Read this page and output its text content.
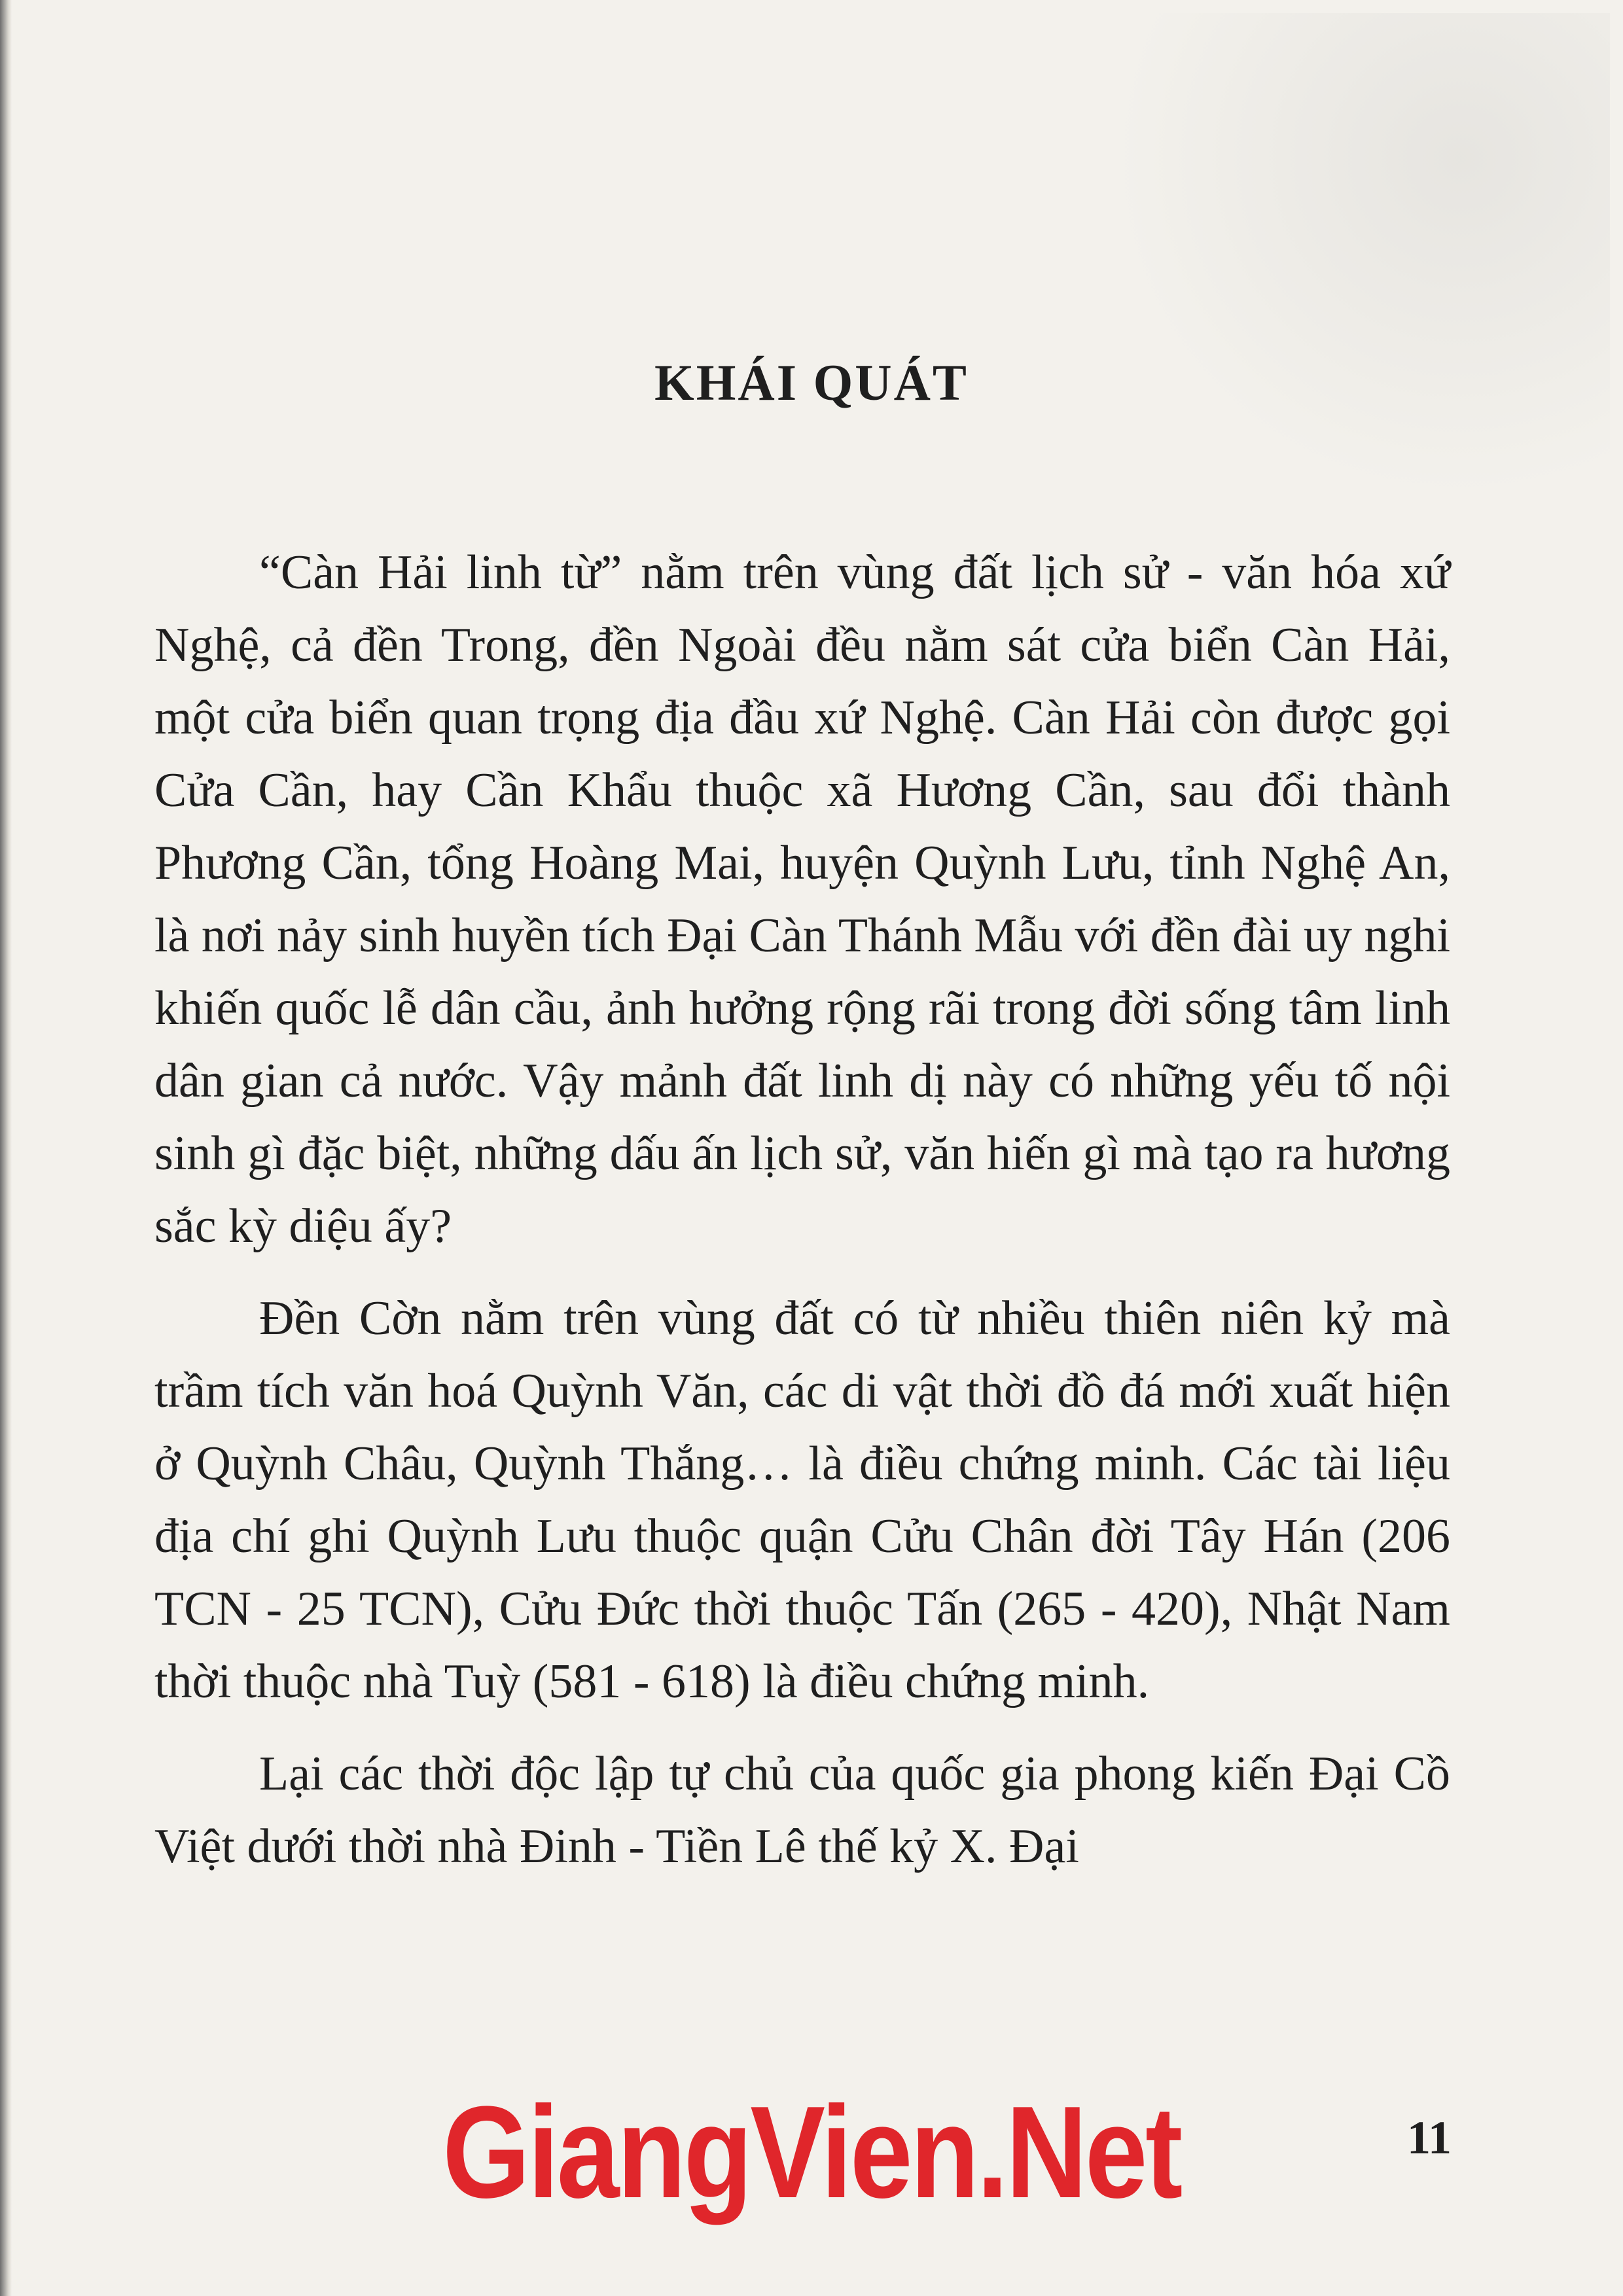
KHÁI QUÁT

“Càn Hải linh từ” nằm trên vùng đất lịch sử - văn hóa xứ Nghệ, cả đền Trong, đền Ngoài đều nằm sát cửa biển Càn Hải, một cửa biển quan trọng địa đầu xứ Nghệ. Càn Hải còn được gọi Cửa Cần, hay Cần Khẩu thuộc xã Hương Cần, sau đổi thành Phương Cần, tổng Hoàng Mai, huyện Quỳnh Lưu, tỉnh Nghệ An, là nơi nảy sinh huyền tích Đại Càn Thánh Mẫu với đền đài uy nghi khiến quốc lễ dân cầu, ảnh hưởng rộng rãi trong đời sống tâm linh dân gian cả nước. Vậy mảnh đất linh dị này có những yếu tố nội sinh gì đặc biệt, những dấu ấn lịch sử, văn hiến gì mà tạo ra hương sắc kỳ diệu ấy?

Đền Cờn nằm trên vùng đất có từ nhiều thiên niên kỷ mà trầm tích văn hoá Quỳnh Văn, các di vật thời đồ đá mới xuất hiện ở Quỳnh Châu, Quỳnh Thắng… là điều chứng minh. Các tài liệu địa chí ghi Quỳnh Lưu thuộc quận Cửu Chân đời Tây Hán (206 TCN - 25 TCN), Cửu Đức thời thuộc Tấn (265 - 420), Nhật Nam thời thuộc nhà Tuỳ (581 - 618) là điều chứng minh.

Lại các thời độc lập tự chủ của quốc gia phong kiến Đại Cồ Việt dưới thời nhà Đinh - Tiền Lê thế kỷ X. Đại

GiangVien.Net	11
